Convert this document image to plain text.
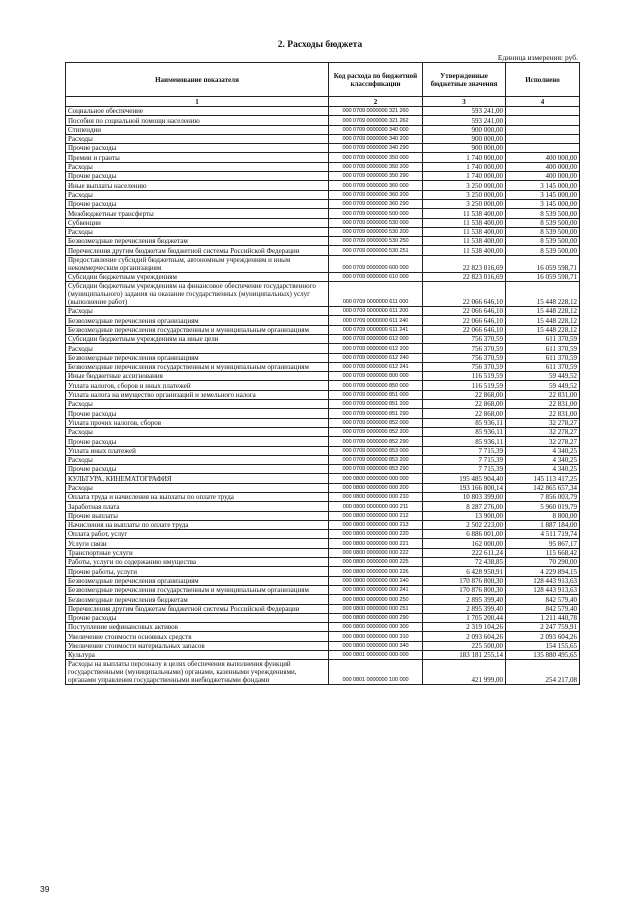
2. Расходы бюджета
Единица измерения: руб.
Наименование показателя	Код расхода по бюджетной классификации	Утвержденные бюджетные значения	Исполнено
1	2	3	4
Социальное обеспечение	000 0709 0000000 321 260	593 241,00	
Пособия по социальной помощи населению	000 0709 0000000 321 262	593 241,00	
Стипендии	000 0709 0000000 340 000	900 000,00	
Расходы	000 0709 0000000 340 200	900 000,00	
Прочие расходы	000 0709 0000000 340 290	900 000,00	
Премии и гранты	000 0709 0000000 350 000	1 740 000,00	400 000,00
Расходы	000 0709 0000000 350 200	1 740 000,00	400 000,00
Прочие расходы	000 0709 0000000 350 290	1 740 000,00	400 000,00
Иные выплаты населению	000 0709 0000000 360 000	3 250 000,00	3 145 000,00
Расходы	000 0709 0000000 360 200	3 250 000,00	3 145 000,00
Прочие расходы	000 0709 0000000 360 290	3 250 000,00	3 145 000,00
Межбюджетные трансферты	000 0709 0000000 500 000	11 538 400,00	8 539 500,00
Субвенции	000 0709 0000000 530 000	11 538 400,00	8 539 500,00
Расходы	000 0709 0000000 530 200	11 538 400,00	8 539 500,00
Безвозмездные перечисления бюджетам	000 0709 0000000 530 250	11 538 400,00	8 539 500,00
Перечисления другим бюджетам бюджетной системы Российской Федерации	000 0709 0000000 530 251	11 538 400,00	8 539 500,00
Предоставление субсидий бюджетным, автономным учреждениям и иным некоммерческим организациям	000 0709 0000000 600 000	22 823 016,69	16 059 598,71
Субсидии бюджетным учреждениям	000 0709 0000000 610 000	22 823 016,69	16 059 598,71
Субсидии бюджетным учреждениям на финансовое обеспечение государственного (муниципального) задания на оказание государственных (муниципальных) услуг (выполнение работ)	000 0709 0000000 611 000	22 066 646,10	15 448 228,12
Расходы	000 0709 0000000 611 200	22 066 646,10	15 448 228,12
Безвозмездные перечисления организациям	000 0709 0000000 611 240	22 066 646,10	15 448 228,12
Безвозмездные перечисления государственным и муниципальным организациям	000 0709 0000000 611 241	22 066 646,10	15 448 228,12
Субсидии бюджетным учреждениям на иные цели	000 0709 0000000 612 000	756 370,59	611 370,59
Расходы	000 0709 0000000 612 200	756 370,59	611 370,59
Безвозмездные перечисления организациям	000 0709 0000000 612 240	756 370,59	611 370,59
Безвозмездные перечисления государственным и муниципальным организациям	000 0709 0000000 612 241	756 370,59	611 370,59
Иные бюджетные ассигнования	000 0709 0000000 800 000	116 519,59	59 449,52
Уплата налогов, сборов и иных платежей	000 0709 0000000 850 000	116 519,59	59 449,52
Уплата налога на имущество организаций и земельного налога	000 0709 0000000 851 000	22 868,00	22 831,00
Расходы	000 0709 0000000 851 200	22 868,00	22 831,00
Прочие расходы	000 0709 0000000 851 290	22 868,00	22 831,00
Уплата прочих налогов, сборов	000 0709 0000000 852 000	85 936,11	32 278,27
Расходы	000 0709 0000000 852 200	85 936,11	32 278,27
Прочие расходы	000 0709 0000000 852 290	85 936,11	32 278,27
Уплата иных платежей	000 0709 0000000 853 000	7 715,39	4 340,25
Расходы	000 0709 0000000 853 200	7 715,39	4 340,25
Прочие расходы	000 0709 0000000 853 290	7 715,39	4 340,25
КУЛЬТУРА, КИНЕМАТОГРАФИЯ	000 0800 0000000 000 000	195 485 904,40	145 113 417,25
Расходы	000 0800 0000000 000 200	193 166 800,14	142 865 657,34
Оплата труда и начисления на выплаты по оплате труда	000 0800 0000000 000 210	10 803 399,00	7 856 003,79
Заработная плата	000 0800 0000000 000 211	8 287 276,00	5 960 019,79
Прочие выплаты	000 0800 0000000 000 212	13 900,00	8 800,00
Начисления на выплаты по оплате труда	000 0800 0000000 000 213	2 502 223,00	1 887 184,00
Оплата работ, услуг	000 0800 0000000 000 220	6 886 001,00	4 511 719,74
Услуги связи	000 0800 0000000 000 221	162 000,00	95 867,17
Транспортные услуги	000 0800 0000000 000 222	222 611,24	115 668,42
Работы, услуги по содержанию имущества	000 0800 0000000 000 225	72 438,85	70 290,00
Прочие работы, услуги	000 0800 0000000 000 226	6 428 950,91	4 229 894,15
Безвозмездные перечисления организациям	000 0800 0000000 000 240	170 876 800,30	128 443 913,63
Безвозмездные перечисления государственным и муниципальным организациям	000 0800 0000000 000 241	170 876 800,30	128 443 913,63
Безвозмездные перечисления бюджетам	000 0800 0000000 000 250	2 895 399,40	842 579,40
Перечисления другим бюджетам бюджетной системы Российской Федерации	000 0800 0000000 000 251	2 895 399,40	842 579,40
Прочие расходы	000 0800 0000000 000 290	1 705 200,44	1 211 440,78
Поступление нефинансовых активов	000 0800 0000000 000 300	2 319 104,26	2 247 759,91
Увеличение стоимости основных средств	000 0800 0000000 000 310	2 093 604,26	2 093 604,26
Увеличение стоимости материальных запасов	000 0800 0000000 000 340	225 500,00	154 155,65
Культура	000 0801 0000000 000 000	183 181 255,14	135 880 495,65
Расходы на выплаты персоналу в целях обеспечения выполнения функций государственными (муниципальными) органами, казенными учреждениями, органами управления государственными внебюджетными фондами	000 0801 0000000 100 000	421 999,00	254 217,08
39
